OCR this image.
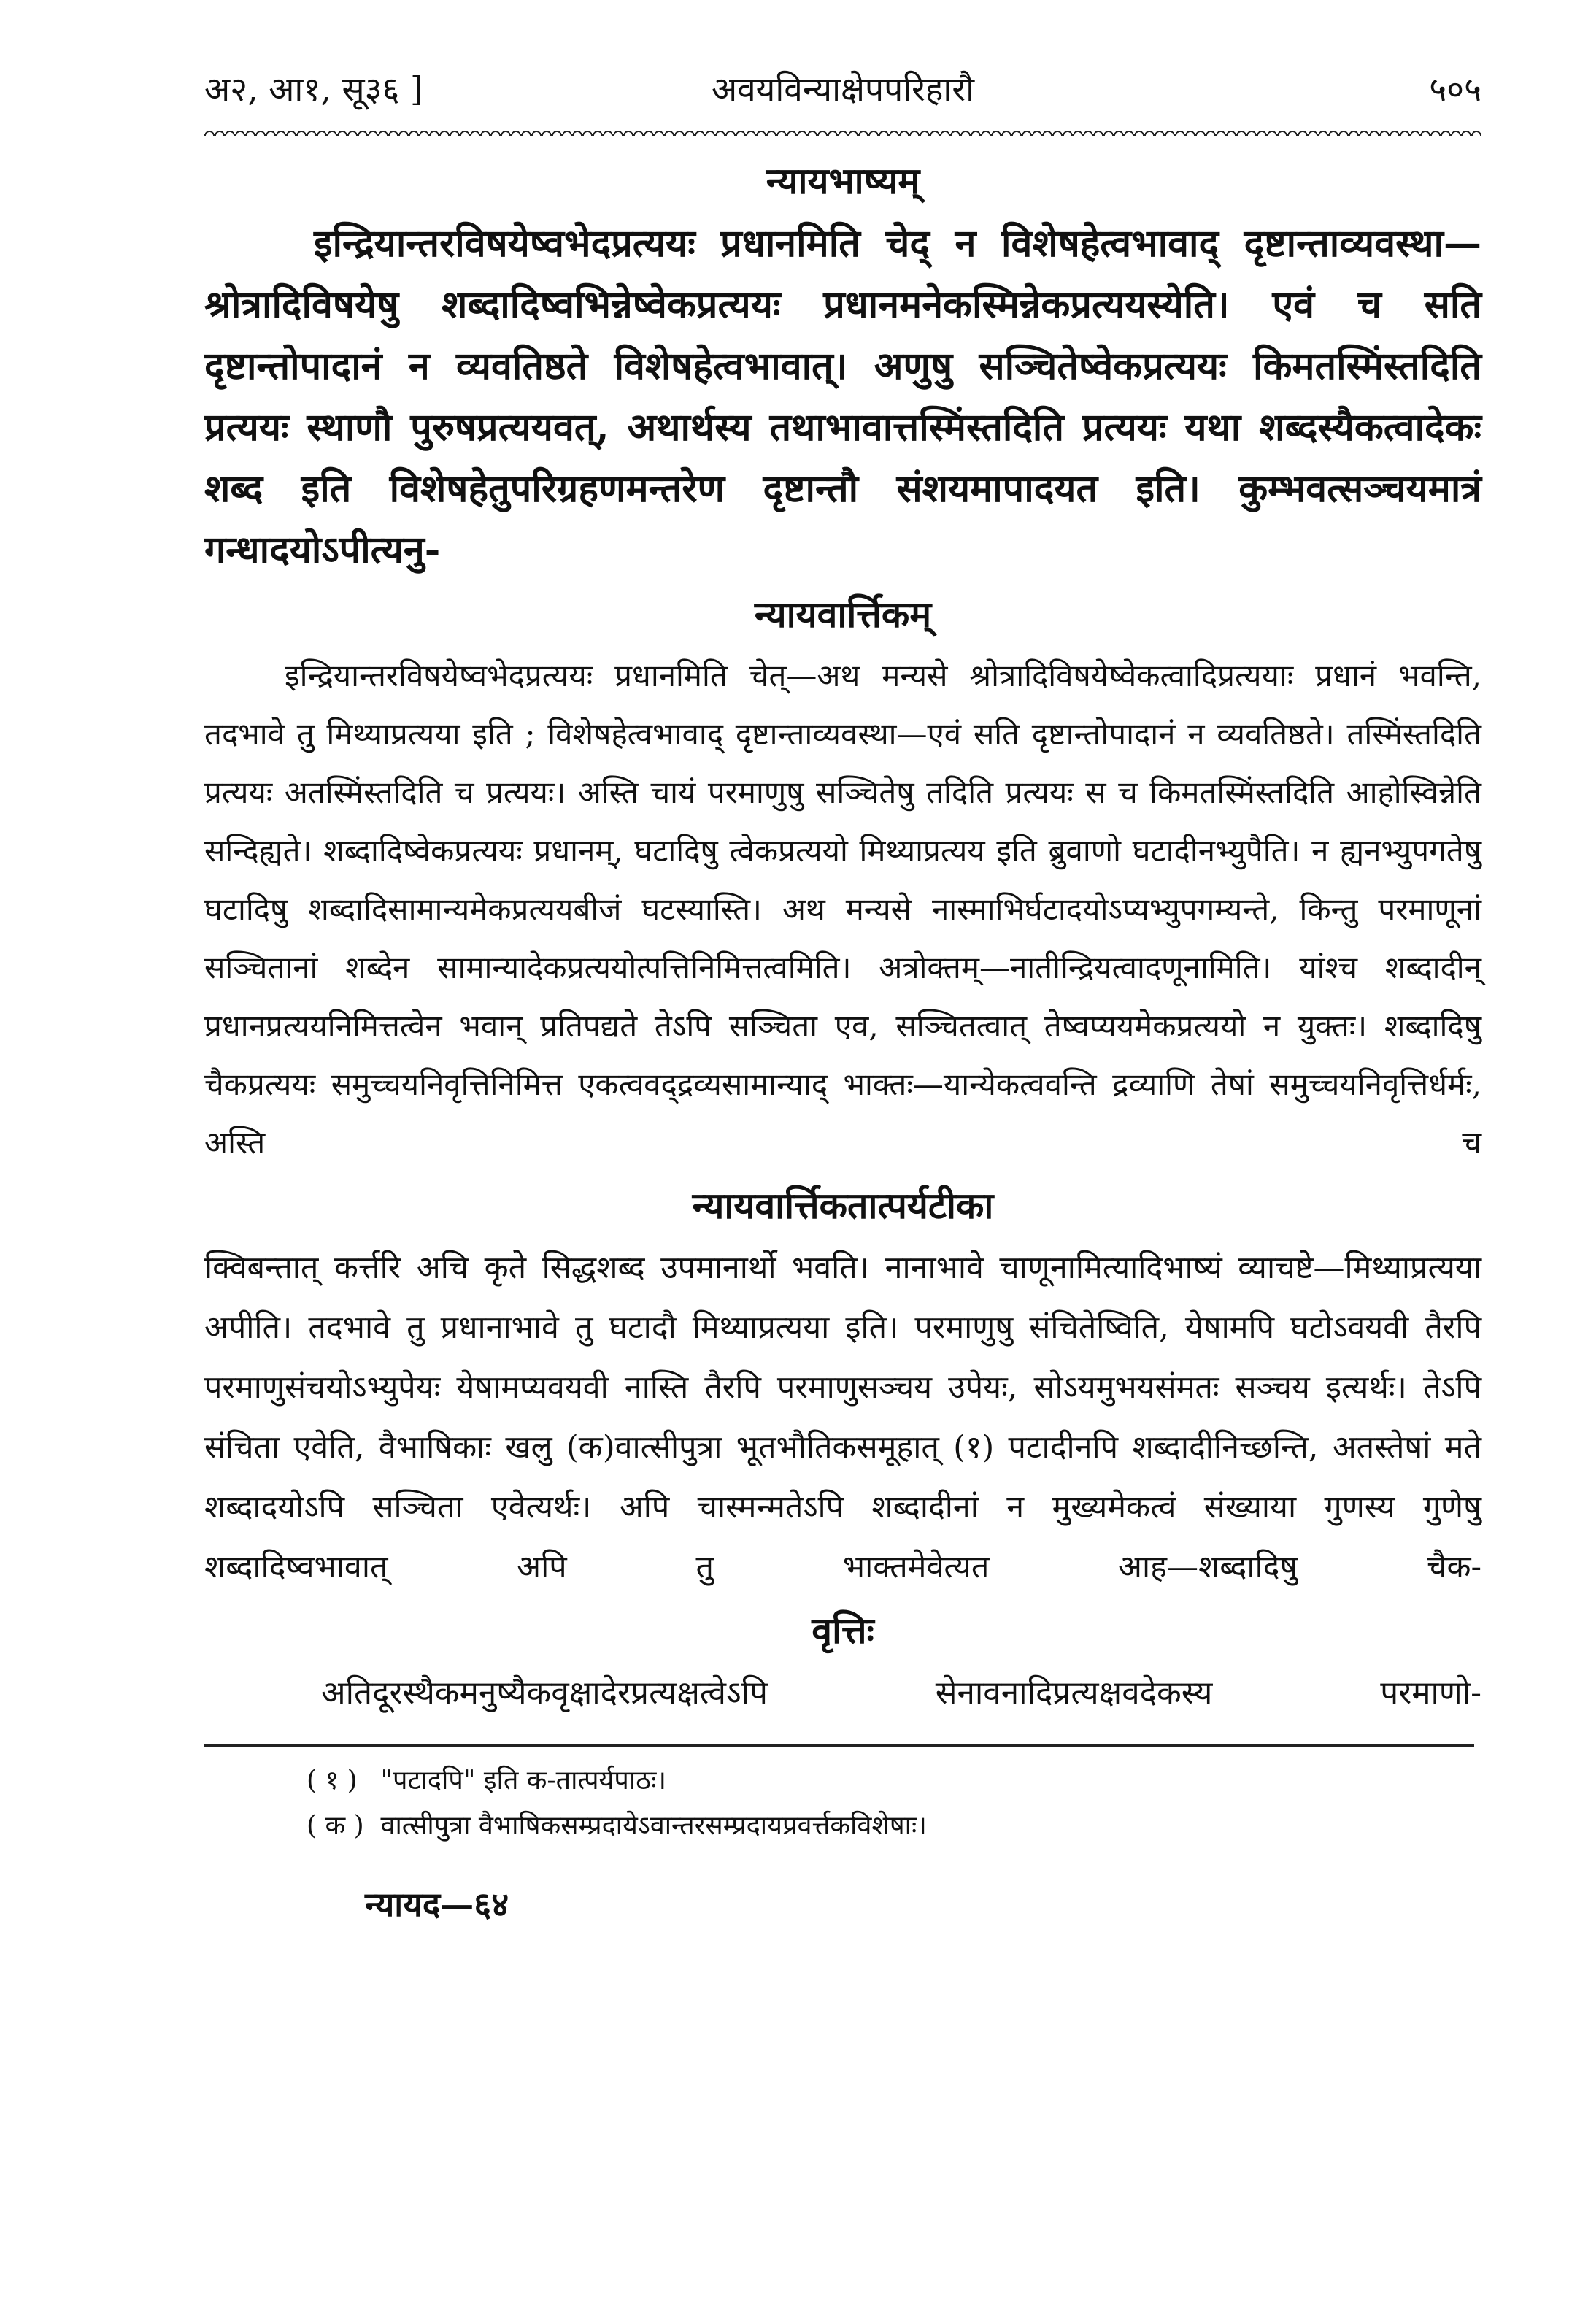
अ२, आ१, सू३६ ]	अवयविन्याक्षेपपरिहारौ	५०५
न्यायभाष्यम्

इन्द्रियान्तरविषयेष्वभेदप्रत्ययः प्रधानमिति चेद् न विशेषहेत्वभावाद् दृष्टान्ताव्यवस्था—श्रोत्रादिविषयेषु शब्दादिष्वभिन्नेष्वेकप्रत्ययः प्रधानमनेकस्मिन्नेकप्रत्ययस्येति। एवं च सति दृष्टान्तोपादानं न व्यवतिष्ठते विशेषहेत्वभावात्। अणुषु सञ्चितेष्वेकप्रत्ययः किमतस्मिंस्तदिति प्रत्ययः स्थाणौ पुरुषप्रत्ययवत्, अथार्थस्य तथाभावात्तस्मिंस्तदिति प्रत्ययः यथा शब्दस्यैकत्वादेकः शब्द इति विशेषहेतुपरिग्रहणमन्तरेण दृष्टान्तौ संशयमापादयत इति। कुम्भवत्सञ्चयमात्रं गन्धादयोऽपीत्यनु-

न्यायवार्त्तिकम्

इन्द्रियान्तरविषयेष्वभेदप्रत्ययः प्रधानमिति चेत्—अथ मन्यसे श्रोत्रादिविषयेष्वेकत्वादिप्रत्ययाः प्रधानं भवन्ति, तदभावे तु मिथ्याप्रत्यया इति ; विशेषहेत्वभावाद् दृष्टान्ताव्यवस्था—एवं सति दृष्टान्तोपादानं न व्यवतिष्ठते। तस्मिंस्तदिति प्रत्ययः अतस्मिंस्तदिति च प्रत्ययः। अस्ति चायं परमाणुषु सञ्चितेषु तदिति प्रत्ययः स च किमतस्मिंस्तदिति आहोस्विन्नेति सन्दिह्यते। शब्दादिष्वेकप्रत्ययः प्रधानम्, घटादिषु त्वेकप्रत्ययो मिथ्याप्रत्यय इति ब्रुवाणो घटादीनभ्युपैति। न ह्यनभ्युपगतेषु घटादिषु शब्दादिसामान्यमेकप्रत्ययबीजं घटस्यास्ति। अथ मन्यसे नास्माभिर्घटादयोऽप्यभ्युपगम्यन्ते, किन्तु परमाणूनां सञ्चितानां शब्देन सामान्यादेकप्रत्ययोत्पत्तिनिमित्तत्वमिति। अत्रोक्तम्—नातीन्द्रियत्वादणूनामिति। यांश्च शब्दादीन् प्रधानप्रत्ययनिमित्तत्वेन भवान् प्रतिपद्यते तेऽपि सञ्चिता एव, सञ्चितत्वात् तेष्वप्ययमेकप्रत्ययो न युक्तः। शब्दादिषु चैकप्रत्ययः समुच्चयनिवृत्तिनिमित्त एकत्ववद्द्रव्यसामान्याद् भाक्तः—यान्येकत्ववन्ति द्रव्याणि तेषां समुच्चयनिवृत्तिर्धर्मः, अस्ति च

न्यायवार्त्तिकतात्पर्यटीका

क्विबन्तात् कर्त्तरि अचि कृते सिद्धशब्द उपमानार्थो भवति। नानाभावे चाणूनामित्यादिभाष्यं व्याचष्टे—मिथ्याप्रत्यया अपीति। तदभावे तु प्रधानाभावे तु घटादौ मिथ्याप्रत्यया इति। परमाणुषु संचितेष्विति, येषामपि घटोऽवयवी तैरपि परमाणुसंचयोऽभ्युपेयः येषामप्यवयवी नास्ति तैरपि परमाणुसञ्चय उपेयः, सोऽयमुभयसंमतः सञ्चय इत्यर्थः। तेऽपि संचिता एवेति, वैभाषिकाः खलु (क)वात्सीपुत्रा भूतभौतिकसमूहात् (१) पटादीनपि शब्दादीनिच्छन्ति, अतस्तेषां मते शब्दादयोऽपि सञ्चिता एवेत्यर्थः। अपि चास्मन्मतेऽपि शब्दादीनां न मुख्यमेकत्वं संख्याया गुणस्य गुणेषु शब्दादिष्वभावात् अपि तु भाक्तमेवेत्यत आह—शब्दादिषु चैक-

वृत्तिः

अतिदूरस्थैकमनुष्यैकवृक्षादेरप्रत्यक्षत्वेऽपि सेनावनादिप्रत्यक्षवदेकस्य परमाणो-

( १ ) "पटादपि" इति क-तात्पर्यपाठः।
( क ) वात्सीपुत्रा वैभाषिकसम्प्रदायेऽवान्तरसम्प्रदायप्रवर्त्तकविशेषाः।
न्यायद—६४
